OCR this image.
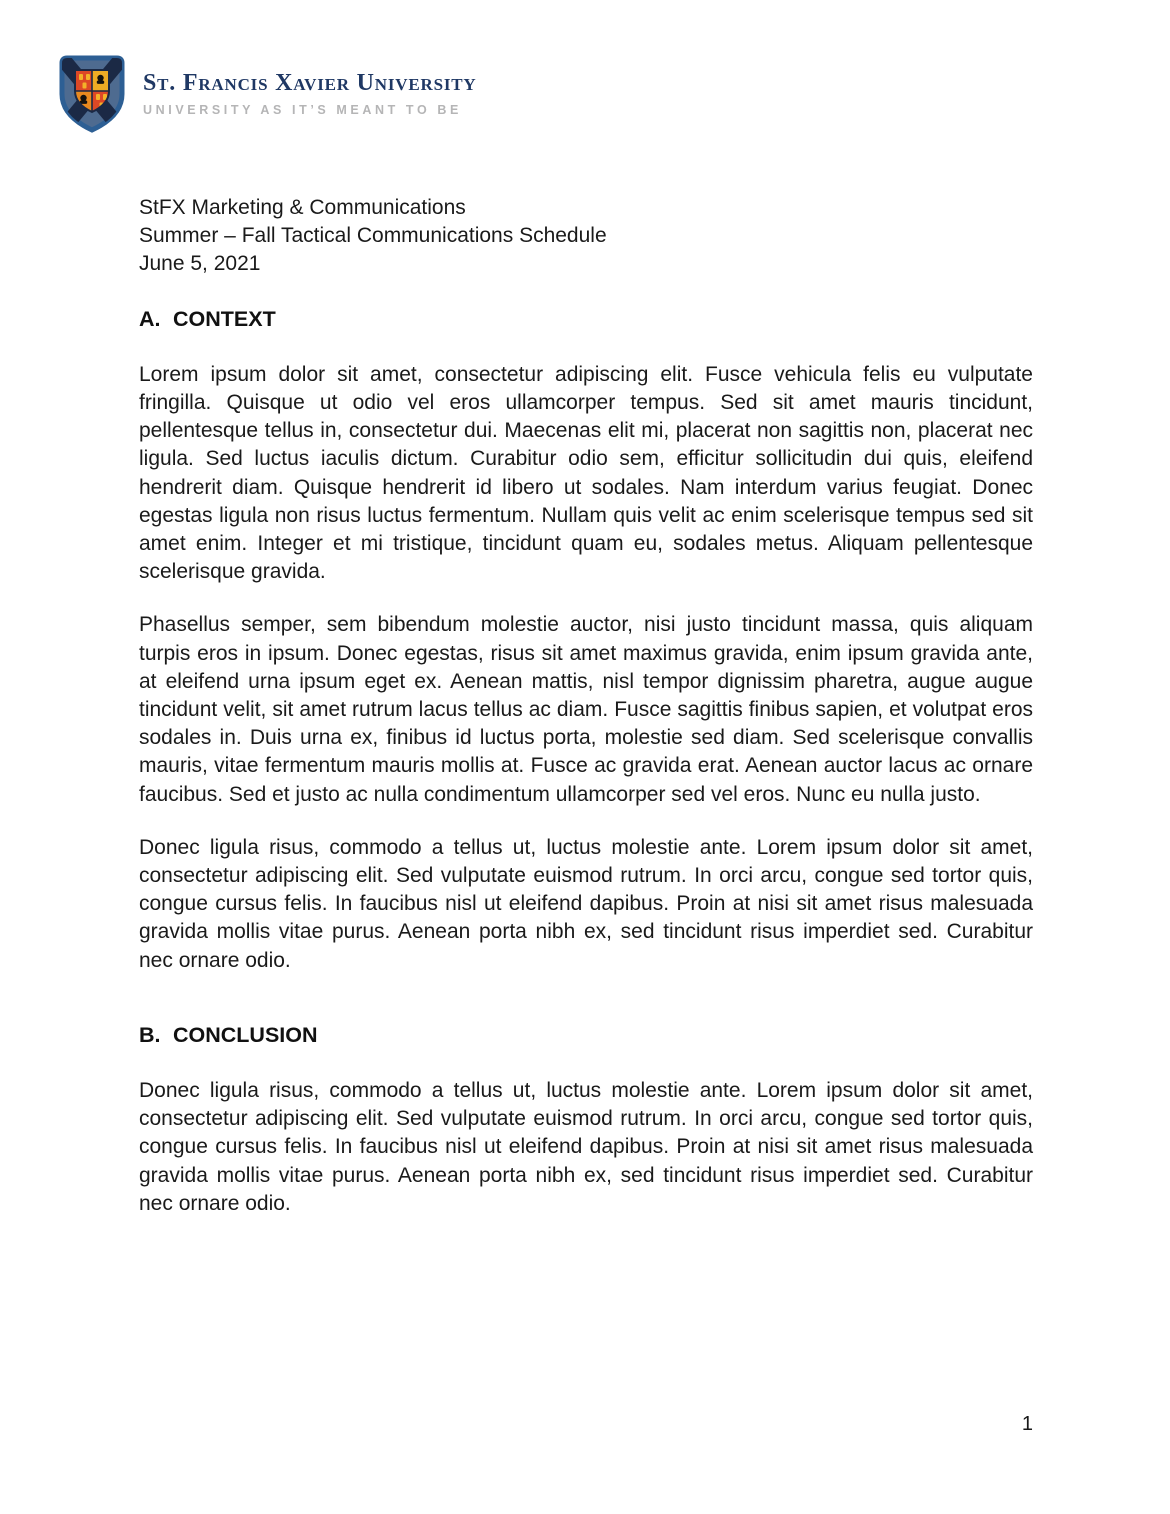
St. Francis Xavier University
UNIVERSITY AS IT’S MEANT TO BE
StFX Marketing & Communications
Summer – Fall Tactical Communications Schedule
June 5, 2021
A. CONTEXT

Lorem ipsum dolor sit amet, consectetur adipiscing elit. Fusce vehicula felis eu vulputate fringilla. Quisque ut odio vel eros ullamcorper tempus. Sed sit amet mauris tincidunt, pellentesque tellus in, consectetur dui. Maecenas elit mi, placerat non sagittis non, placerat nec ligula. Sed luctus iaculis dictum. Curabitur odio sem, efficitur sollicitudin dui quis, eleifend hendrerit diam. Quisque hendrerit id libero ut sodales. Nam interdum varius feugiat. Donec egestas ligula non risus luctus fermentum. Nullam quis velit ac enim scelerisque tempus sed sit amet enim. Integer et mi tristique, tincidunt quam eu, sodales metus. Aliquam pellentesque scelerisque gravida.

Phasellus semper, sem bibendum molestie auctor, nisi justo tincidunt massa, quis aliquam turpis eros in ipsum. Donec egestas, risus sit amet maximus gravida, enim ipsum gravida ante, at eleifend urna ipsum eget ex. Aenean mattis, nisl tempor dignissim pharetra, augue augue tincidunt velit, sit amet rutrum lacus tellus ac diam. Fusce sagittis finibus sapien, et volutpat eros sodales in. Duis urna ex, finibus id luctus porta, molestie sed diam. Sed scelerisque convallis mauris, vitae fermentum mauris mollis at. Fusce ac gravida erat. Aenean auctor lacus ac ornare faucibus. Sed et justo ac nulla condimentum ullamcorper sed vel eros. Nunc eu nulla justo.

Donec ligula risus, commodo a tellus ut, luctus molestie ante. Lorem ipsum dolor sit amet, consectetur adipiscing elit. Sed vulputate euismod rutrum. In orci arcu, congue sed tortor quis, congue cursus felis. In faucibus nisl ut eleifend dapibus. Proin at nisi sit amet risus malesuada gravida mollis vitae purus. Aenean porta nibh ex, sed tincidunt risus imperdiet sed. Curabitur nec ornare odio.

B. CONCLUSION

Donec ligula risus, commodo a tellus ut, luctus molestie ante. Lorem ipsum dolor sit amet, consectetur adipiscing elit. Sed vulputate euismod rutrum. In orci arcu, congue sed tortor quis, congue cursus felis. In faucibus nisl ut eleifend dapibus. Proin at nisi sit amet risus malesuada gravida mollis vitae purus. Aenean porta nibh ex, sed tincidunt risus imperdiet sed. Curabitur nec ornare odio.

1
